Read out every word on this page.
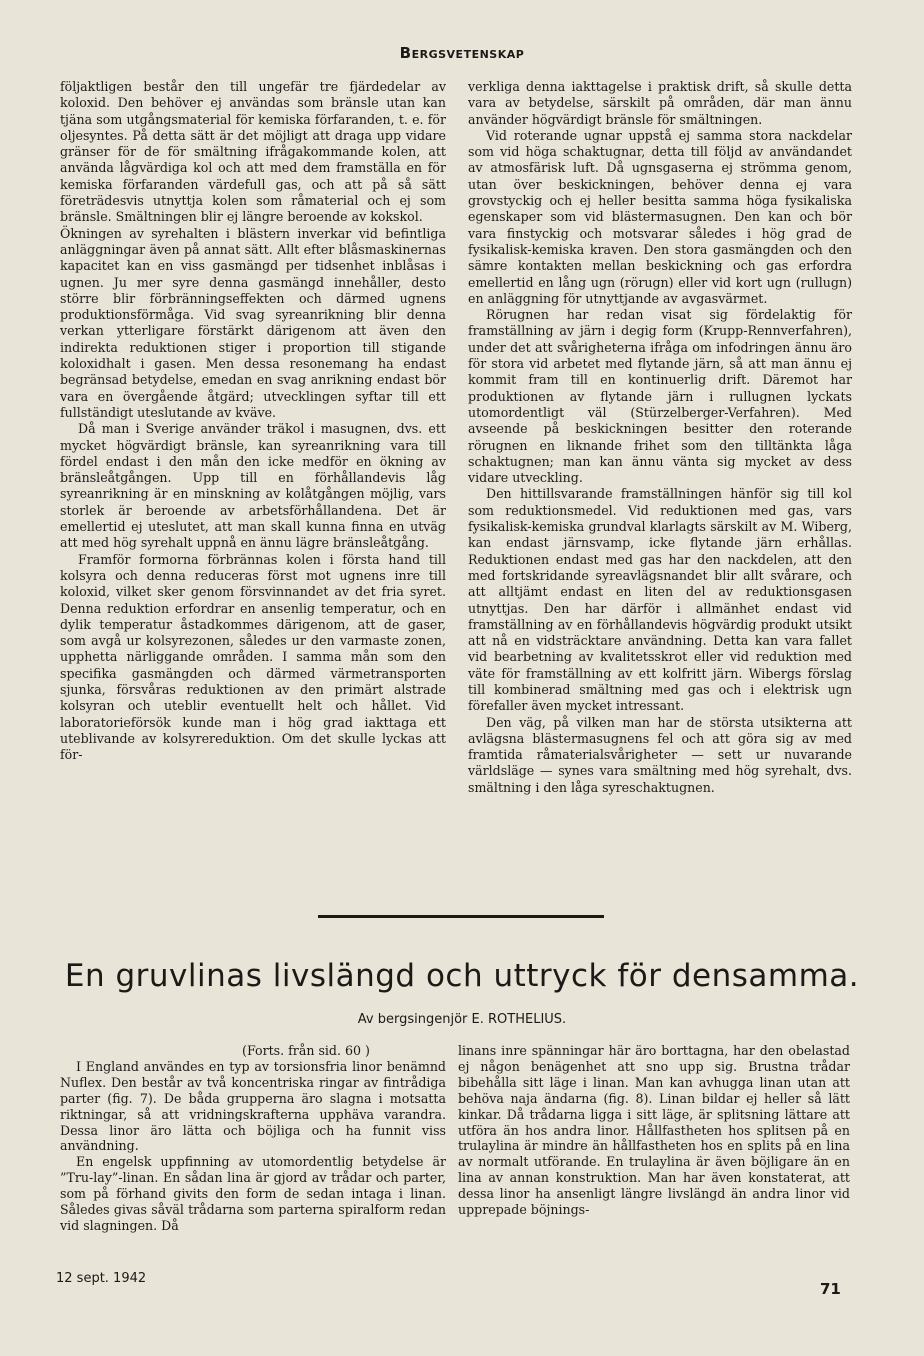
Bergsvetenskap

följaktligen består den till ungefär tre fjärdedelar av koloxid. Den behöver ej användas som bränsle utan kan tjäna som utgångsmaterial för kemiska förfaranden, t. e. för oljesyntes. På detta sätt är det möjligt att draga upp vidare gränser för de för smältning ifrågakommande kolen, att använda lågvärdiga kol och att med dem framställa en för kemiska förfaranden värdefull gas, och att på så sätt företrädesvis utnyttja kolen som råmaterial och ej som bränsle. Smältningen blir ej längre beroende av kokskol.

Ökningen av syrehalten i blästern inverkar vid befintliga anläggningar även på annat sätt. Allt efter blåsmaskinernas kapacitet kan en viss gasmängd per tidsenhet inblåsas i ugnen. Ju mer syre denna gasmängd innehåller, desto större blir förbränningseffekten och därmed ugnens produktionsförmåga. Vid svag syreanrikning blir denna verkan ytterligare förstärkt därigenom att även den indirekta reduktionen stiger i proportion till stigande koloxidhalt i gasen. Men dessa resonemang ha endast begränsad betydelse, emedan en svag anrikning endast bör vara en övergående åtgärd; utvecklingen syftar till ett fullständigt uteslutande av kväve.

Då man i Sverige använder träkol i masugnen, dvs. ett mycket högvärdigt bränsle, kan syreanrikning vara till fördel endast i den mån den icke medför en ökning av bränsleåtgången. Upp till en förhållandevis låg syreanrikning är en minskning av kolåtgången möjlig, vars storlek är beroende av arbetsförhållandena. Det är emellertid ej uteslutet, att man skall kunna finna en utväg att med hög syrehalt uppnå en ännu lägre bränsleåtgång.

Framför formorna förbrännas kolen i första hand till kolsyra och denna reduceras först mot ugnens inre till koloxid, vilket sker genom försvinnandet av det fria syret. Denna reduktion erfordrar en ansenlig temperatur, och en dylik temperatur åstadkommes därigenom, att de gaser, som avgå ur kolsyrezonen, således ur den varmaste zonen, upphetta närliggande områden. I samma mån som den specifika gasmängden och därmed värmetransporten sjunka, försvåras reduktionen av den primärt alstrade kolsyran och uteblir eventuellt helt och hållet. Vid laboratorieförsök kunde man i hög grad iakttaga ett uteblivande av kolsyrereduktion. Om det skulle lyckas att för-

verkliga denna iakttagelse i praktisk drift, så skulle detta vara av betydelse, särskilt på områden, där man ännu använder högvärdigt bränsle för smältningen.

Vid roterande ugnar uppstå ej samma stora nackdelar som vid höga schaktugnar, detta till följd av användandet av atmosfärisk luft. Då ugnsgaserna ej strömma genom, utan över beskickningen, behöver denna ej vara grovstyckig och ej heller besitta samma höga fysikaliska egenskaper som vid blästermasugnen. Den kan och bör vara finstyckig och motsvarar således i hög grad de fysikalisk-kemiska kraven. Den stora gasmängden och den sämre kontakten mellan beskickning och gas erfordra emellertid en lång ugn (rörugn) eller vid kort ugn (rullugn) en anläggning för utnyttjande av avgasvärmet.

Rörugnen har redan visat sig fördelaktig för framställning av järn i degig form (Krupp-Rennverfahren), under det att svårigheterna ifråga om infodringen ännu äro för stora vid arbetet med flytande järn, så att man ännu ej kommit fram till en kontinuerlig drift. Däremot har produktionen av flytande järn i rullugnen lyckats utomordentligt väl (Stürzelberger-Verfahren). Med avseende på beskickningen besitter den roterande rörugnen en liknande frihet som den tilltänkta låga schaktugnen; man kan ännu vänta sig mycket av dess vidare utveckling.

Den hittillsvarande framställningen hänför sig till kol som reduktionsmedel. Vid reduktionen med gas, vars fysikalisk-kemiska grundval klarlagts särskilt av M. Wiberg, kan endast järnsvamp, icke flytande järn erhållas. Reduktionen endast med gas har den nackdelen, att den med fortskridande syreavlägsnandet blir allt svårare, och att alltjämt endast en liten del av reduktionsgasen utnyttjas. Den har därför i allmänhet endast vid framställning av en förhållandevis högvärdig produkt utsikt att nå en vidsträcktare användning. Detta kan vara fallet vid bearbetning av kvalitetsskrot eller vid reduktion med väte för framställning av ett kolfritt järn. Wibergs förslag till kombinerad smältning med gas och i elektrisk ugn förefaller även mycket intressant.

Den väg, på vilken man har de största utsikterna att avlägsna blästermasugnens fel och att göra sig av med framtida råmaterialsvårigheter — sett ur nuvarande världsläge — synes vara smältning med hög syrehalt, dvs. smältning i den låga syreschaktugnen.

En gruvlinas livslängd och uttryck för densamma.
Av bergsingenjör E. ROTHELIUS.

(Forts. från sid. 60 )

I England användes en typ av torsionsfria linor benämnd Nuflex. Den består av två koncentriska ringar av fintrådiga parter (fig. 7). De båda grupperna äro slagna i motsatta riktningar, så att vridningskrafterna upphäva varandra. Dessa linor äro lätta och böjliga och ha funnit viss användning.

En engelsk uppfinning av utomordentlig betydelse är ”Tru-lay”-linan. En sådan lina är gjord av trådar och parter, som på förhand givits den form de sedan intaga i linan. Således givas såväl trådarna som parterna spiralform redan vid slagningen. Då

linans inre spänningar här äro borttagna, har den obelastad ej någon benägenhet att sno upp sig. Brustna trådar bibehålla sitt läge i linan. Man kan avhugga linan utan att behöva naja ändarna (fig. 8). Linan bildar ej heller så lätt kinkar. Då trådarna ligga i sitt läge, är splitsning lättare att utföra än hos andra linor. Hållfastheten hos splitsen på en trulaylina är mindre än hållfastheten hos en splits på en lina av normalt utförande. En trulaylina är även böjligare än en lina av annan konstruktion. Man har även konstaterat, att dessa linor ha ansenligt längre livslängd än andra linor vid upprepade böjnings-

12 sept. 1942
71
